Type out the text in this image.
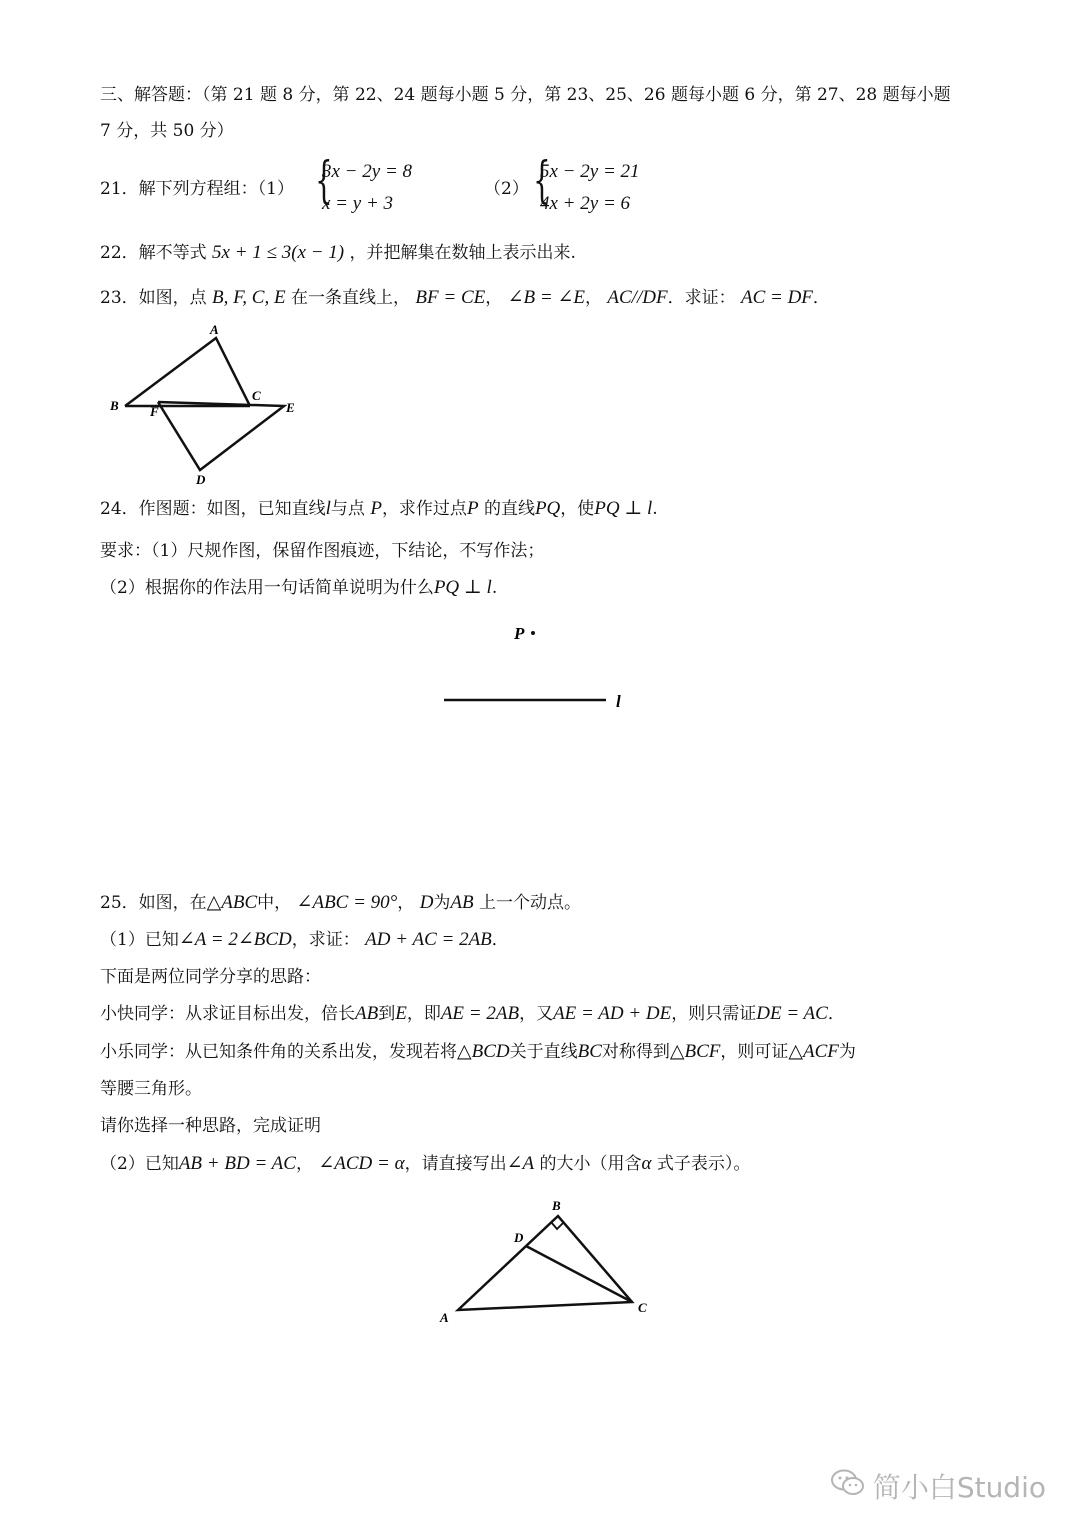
三、解答题：（第 21 题 8 分，第 22、24 题每小题 5 分，第 23、25、26 题每小题 6 分，第 27、28 题每小题
7 分，共 50 分）
21．解下列方程组：（1） {
3x − 2y = 8
x = y + 3
（2） {
5x − 2y = 21
4x + 2y = 6
22．解不等式 5x + 1 ≤ 3(x − 1) ，并把解集在数轴上表示出来.
23．如图，点 B, F, C, E 在一条直线上， BF = CE， ∠B = ∠E， AC//DF．求证： AC = DF．
A
B
C
D
E
F
24．作图题：如图，已知直线l与点 P，求作过点P 的直线PQ，使PQ ⊥ l.
要求：（1）尺规作图，保留作图痕迹，下结论，不写作法；
（2）根据你的作法用一句话简单说明为什么PQ ⊥ l.
P
l
25．如图，在△ABC中， ∠ABC = 90°， D为AB 上一个动点。
（1）已知∠A = 2∠BCD，求证： AD + AC = 2AB．
下面是两位同学分享的思路：
小快同学：从求证目标出发，倍长AB到E，即AE = 2AB，又AE = AD + DE，则只需证DE = AC．
小乐同学：从已知条件角的关系出发，发现若将△BCD关于直线BC对称得到△BCF，则可证△ACF为
等腰三角形。
请你选择一种思路，完成证明
（2）已知AB + BD = AC， ∠ACD = α，请直接写出∠A 的大小（用含α 式子表示）。
A
B
C
D
简小白Studio
